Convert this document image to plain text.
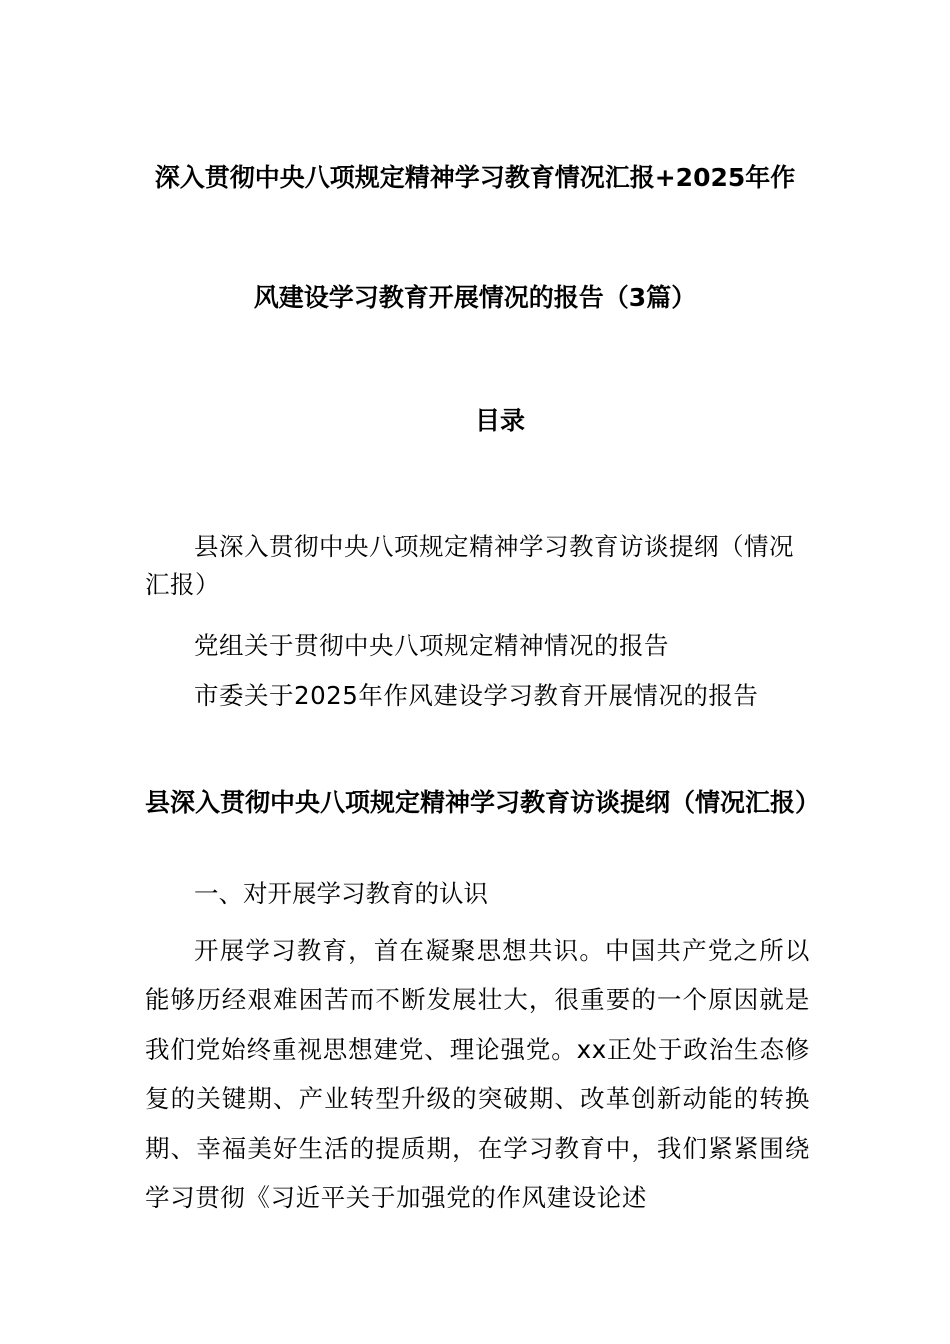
深入贯彻中央八项规定精神学习教育情况汇报+2025年作
风建设学习教育开展情况的报告（3篇）
目录
县深入贯彻中央八项规定精神学习教育访谈提纲（情况汇报）
党组关于贯彻中央八项规定精神情况的报告
市委关于2025年作风建设学习教育开展情况的报告
县深入贯彻中央八项规定精神学习教育访谈提纲（情况汇报）
一、对开展学习教育的认识
开展学习教育，首在凝聚思想共识。中国共产党之所以能够历经艰难困苦而不断发展壮大，很重要的一个原因就是我们党始终重视思想建党、理论强党。xx正处于政治生态修复的关键期、产业转型升级的突破期、改革创新动能的转换期、幸福美好生活的提质期，在学习教育中，我们紧紧围绕学习贯彻《习近平关于加强党的作风建设论述
